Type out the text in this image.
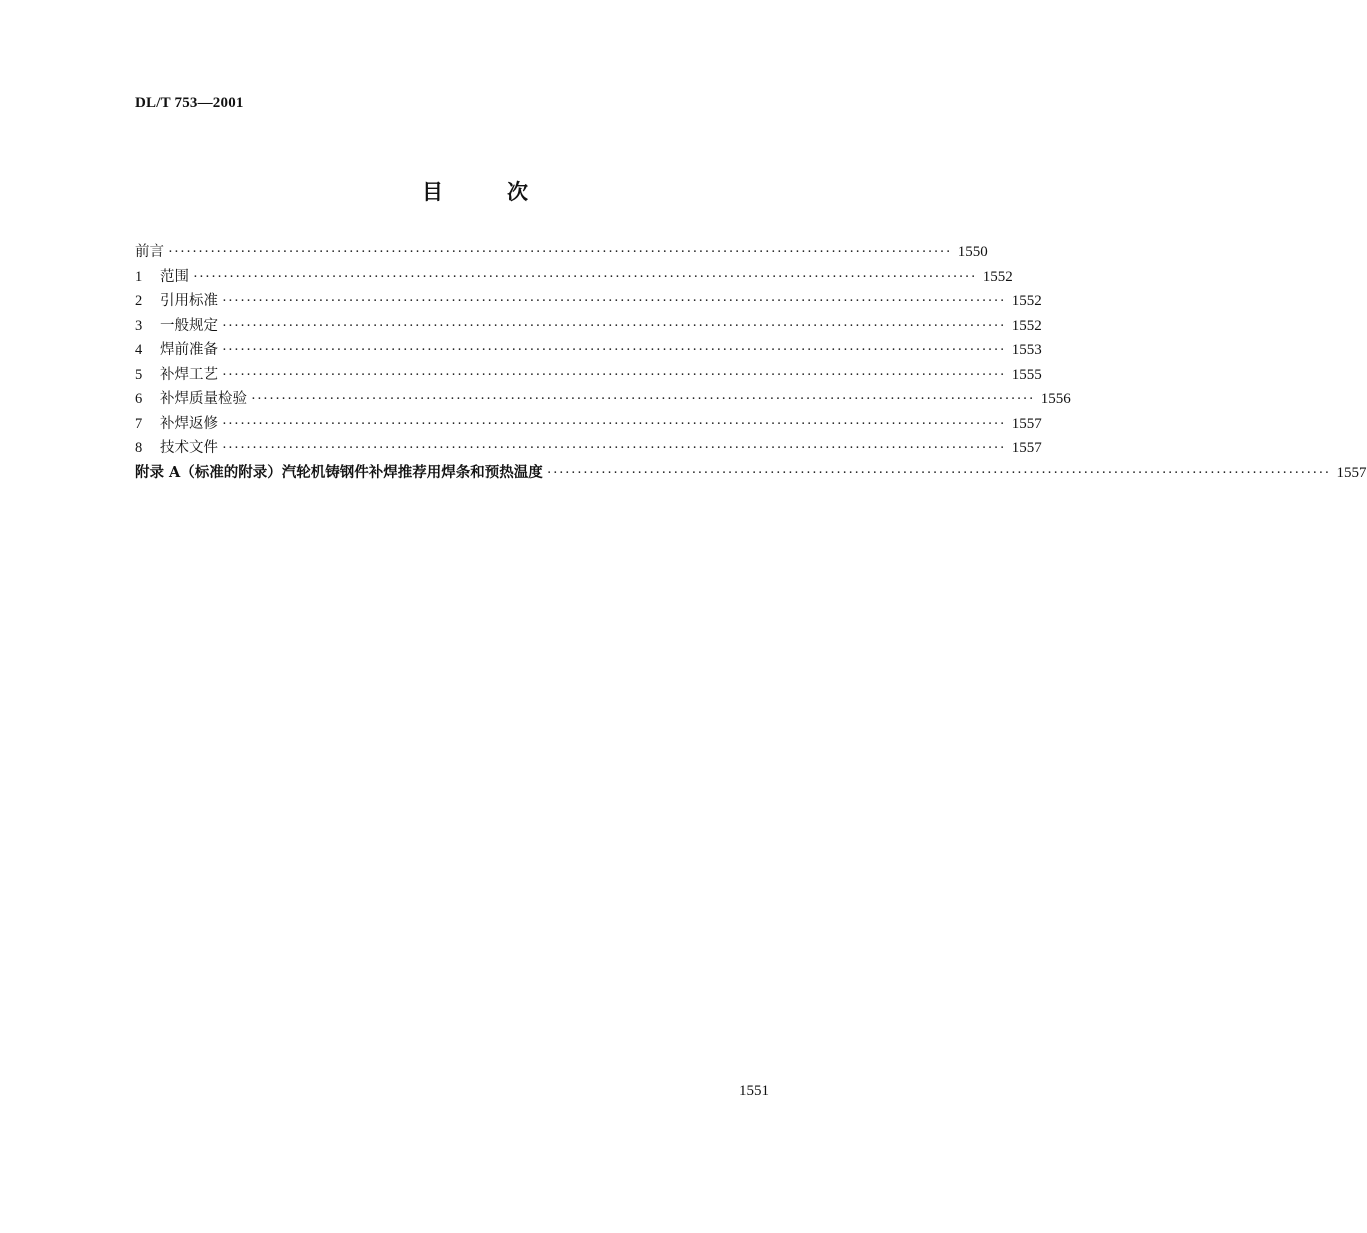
DL/T 753—2001
目	次
前言 ·································································································································· 1550
1	范围 ·································································································································· 1552
2	引用标准 ·································································································································· 1552
3	一般规定 ·································································································································· 1552
4	焊前准备 ·································································································································· 1553
5	补焊工艺 ·································································································································· 1555
6	补焊质量检验 ·································································································································· 1556
7	补焊返修 ·································································································································· 1557
8	技术文件 ·································································································································· 1557
附录 A（标准的附录）汽轮机铸钢件补焊推荐用焊条和预热温度 ·································································································································· 1557
1551
